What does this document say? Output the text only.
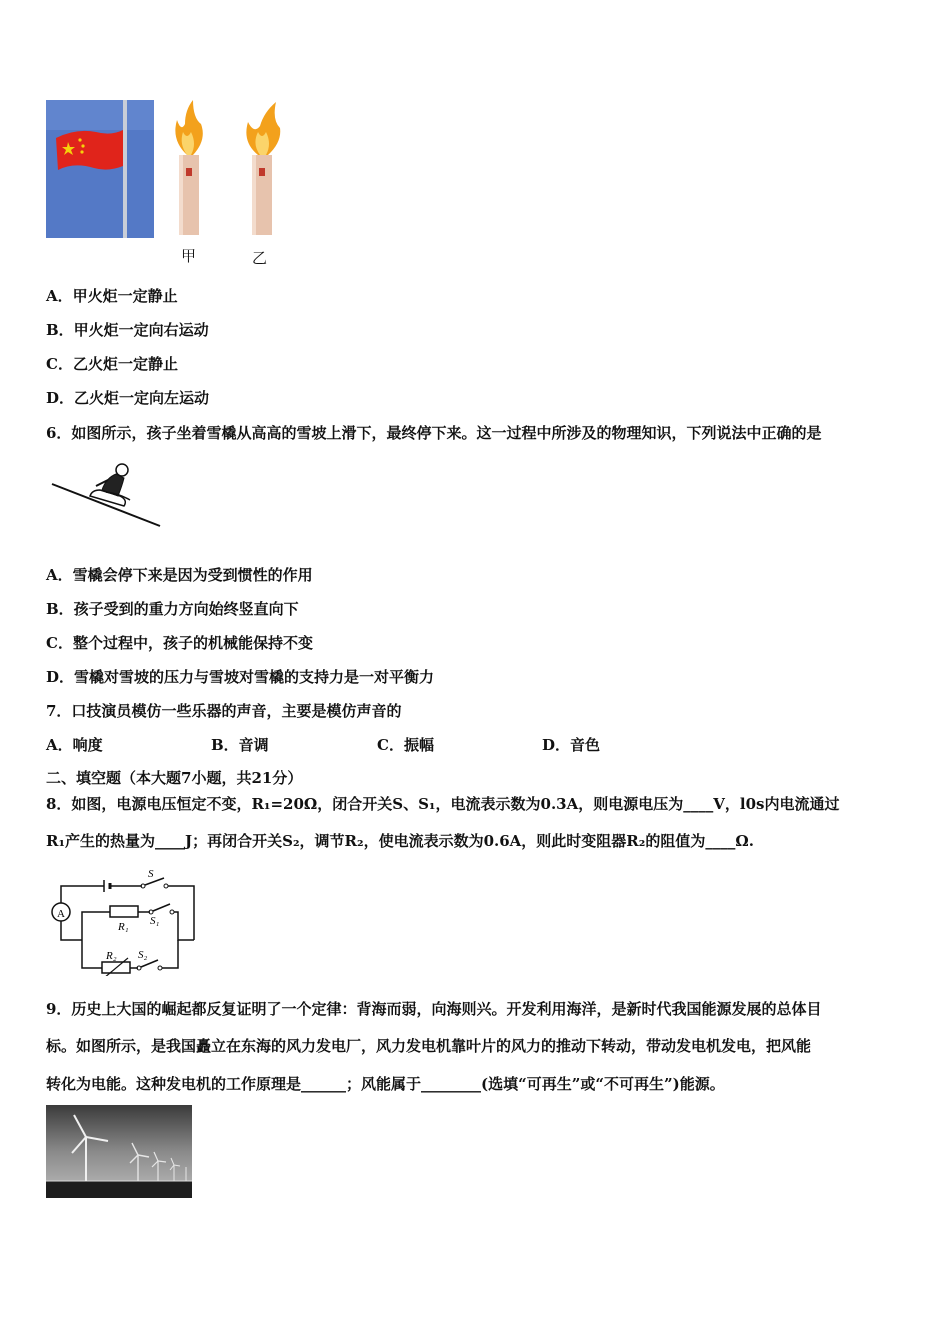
甲	乙
A．甲火炬一定静止
B．甲火炬一定向右运动
C．乙火炬一定静止
D．乙火炬一定向左运动
6．如图所示，孩子坐着雪橇从高高的雪坡上滑下，最终停下来。这一过程中所涉及的物理知识，下列说法中正确的是
A．雪橇会停下来是因为受到惯性的作用
B．孩子受到的重力方向始终竖直向下
C．整个过程中，孩子的机械能保持不变
D．雪橇对雪坡的压力与雪坡对雪橇的支持力是一对平衡力
7．口技演员模仿一些乐器的声音，主要是模仿声音的
A．响度	B．音调	C．振幅	D．音色
二、填空题（本大题7小题，共21分）
8．如图，电源电压恒定不变，R₁=20Ω，闭合开关S、S₁，电流表示数为0.3A，则电源电压为____V，l0s内电流通过
R₁产生的热量为____J；再闭合开关S₂，调节R₂，使电流表示数为0.6A，则此时变阻器R₂的阻值为____Ω.
A
S
S₁
R₁
S₂
R₂
9．历史上大国的崛起都反复证明了一个定律：背海而弱，向海则兴。开发利用海洋，是新时代我国能源发展的总体目
标。如图所示，是我国矗立在东海的风力发电厂，风力发电机靠叶片的风力的推动下转动，带动发电机发电，把风能
转化为电能。这种发电机的工作原理是______；风能属于________(选填“可再生”或“不可再生”)能源。
